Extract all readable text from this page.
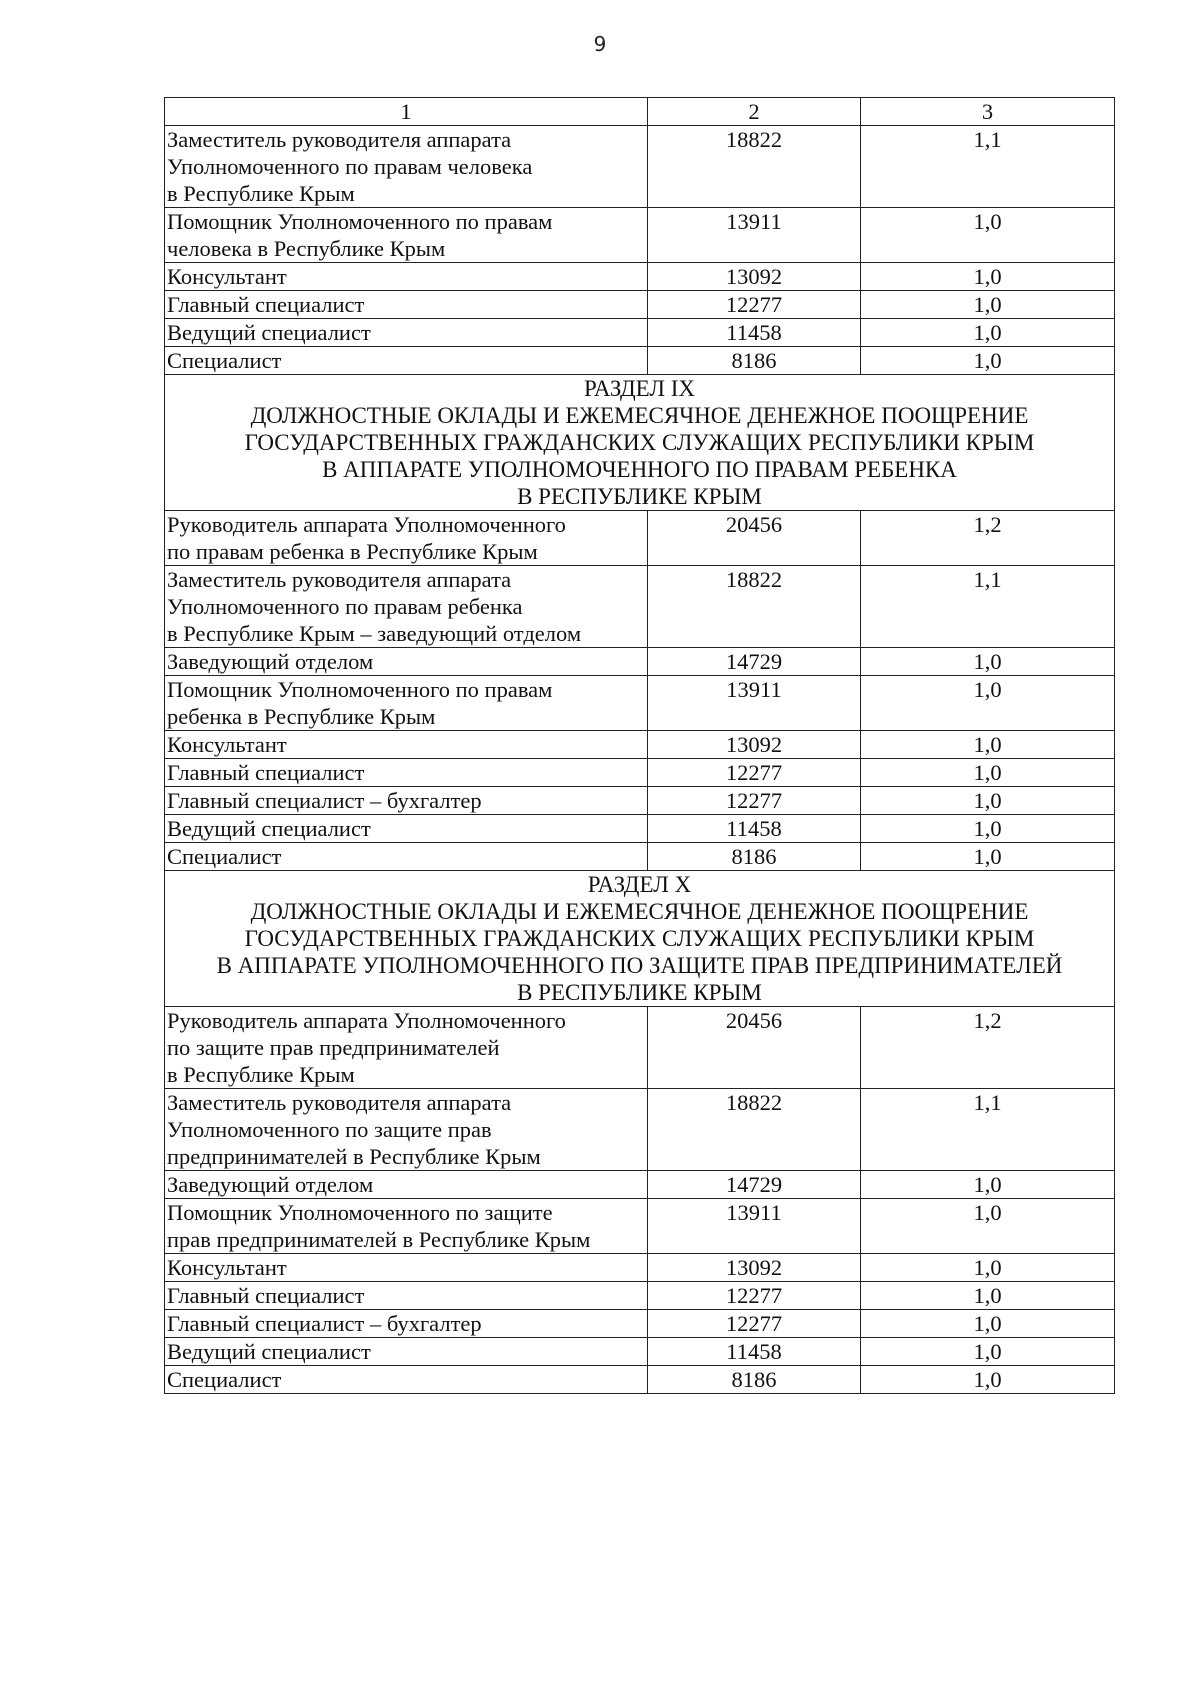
9
1	2	3
Заместитель руководителя аппарата
Уполномоченного по правам человека
в Республике Крым	18822	1,1
Помощник Уполномоченного по правам
человека в Республике Крым	13911	1,0
Консультант	13092	1,0
Главный специалист	12277	1,0
Ведущий специалист	11458	1,0
Специалист	8186	1,0
РАЗДЕЛ IX
ДОЛЖНОСТНЫЕ ОКЛАДЫ И ЕЖЕМЕСЯЧНОЕ ДЕНЕЖНОЕ ПООЩРЕНИЕ
ГОСУДАРСТВЕННЫХ ГРАЖДАНСКИХ СЛУЖАЩИХ РЕСПУБЛИКИ КРЫМ
В АППАРАТЕ УПОЛНОМОЧЕННОГО ПО ПРАВАМ РЕБЕНКА
В РЕСПУБЛИКЕ КРЫМ		
Руководитель аппарата Уполномоченного
по правам ребенка в Республике Крым	20456	1,2
Заместитель руководителя аппарата
Уполномоченного по правам ребенка
в Республике Крым – заведующий отделом	18822	1,1
Заведующий отделом	14729	1,0
Помощник Уполномоченного по правам
ребенка в Республике Крым	13911	1,0
Консультант	13092	1,0
Главный специалист	12277	1,0
Главный специалист – бухгалтер	12277	1,0
Ведущий специалист	11458	1,0
Специалист	8186	1,0
РАЗДЕЛ X
ДОЛЖНОСТНЫЕ ОКЛАДЫ И ЕЖЕМЕСЯЧНОЕ ДЕНЕЖНОЕ ПООЩРЕНИЕ
ГОСУДАРСТВЕННЫХ ГРАЖДАНСКИХ СЛУЖАЩИХ РЕСПУБЛИКИ КРЫМ
В АППАРАТЕ УПОЛНОМОЧЕННОГО ПО ЗАЩИТЕ ПРАВ ПРЕДПРИНИМАТЕЛЕЙ
В РЕСПУБЛИКЕ КРЫМ		
Руководитель аппарата Уполномоченного
по защите прав предпринимателей
в Республике Крым	20456	1,2
Заместитель руководителя аппарата
Уполномоченного по защите прав
предпринимателей в Республике Крым	18822	1,1
Заведующий отделом	14729	1,0
Помощник Уполномоченного по защите
прав предпринимателей в Республике Крым	13911	1,0
Консультант	13092	1,0
Главный специалист	12277	1,0
Главный специалист – бухгалтер	12277	1,0
Ведущий специалист	11458	1,0
Специалист	8186	1,0
